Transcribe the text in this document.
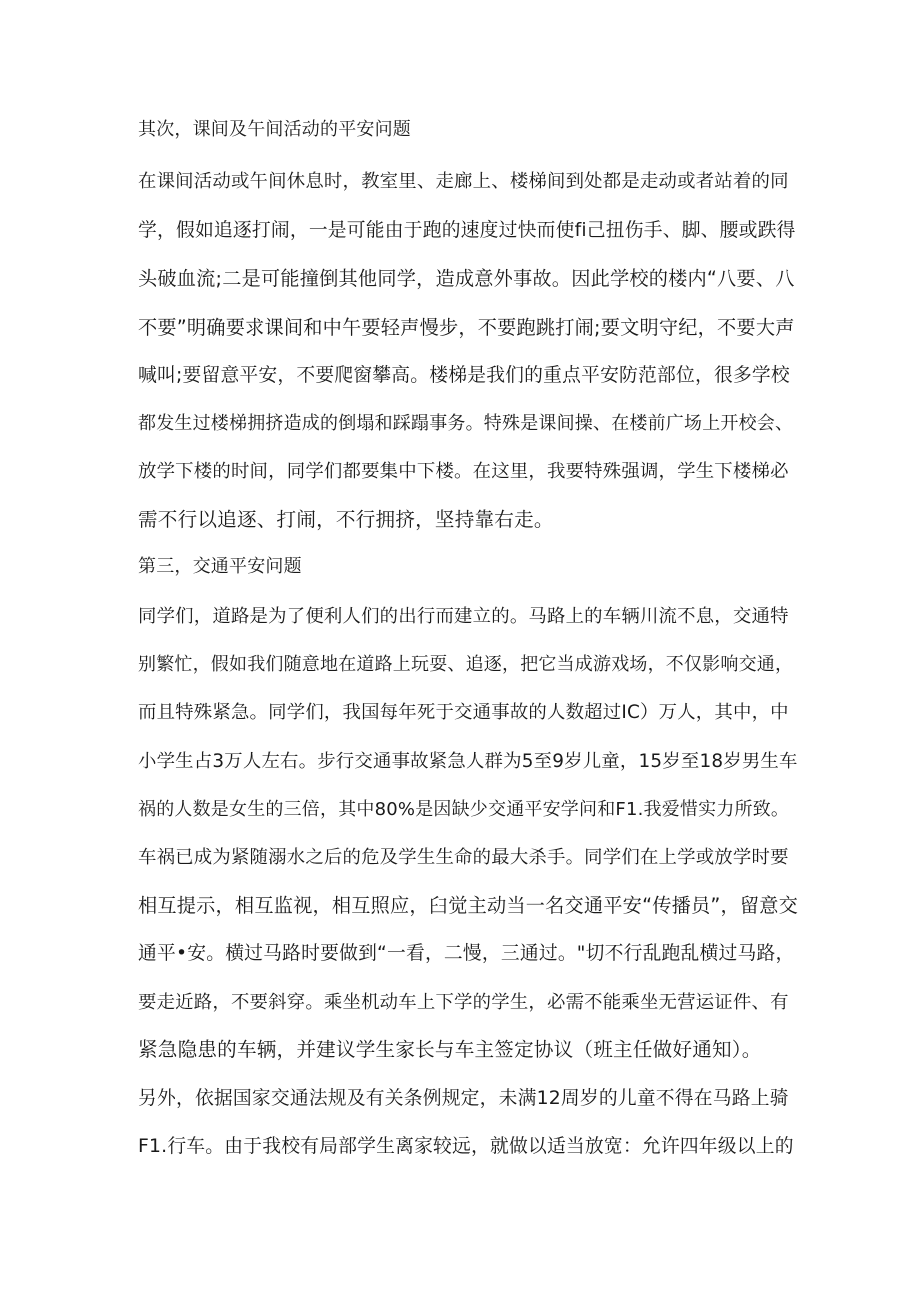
其次，课间及午间活动的平安问题
在课间活动或午间休息时，教室里、走廊上、楼梯间到处都是走动或者站着的同
学，假如追逐打闹，一是可能由于跑的速度过快而使fi己扭伤手、脚、腰或跌得
头破血流;二是可能撞倒其他同学，造成意外事故。因此学校的楼内“八要、八
不要”明确要求课间和中午要轻声慢步，不要跑跳打闹;要文明守纪，不要大声
喊叫;要留意平安，不要爬窗攀高。楼梯是我们的重点平安防范部位，很多学校
都发生过楼梯拥挤造成的倒塌和踩蹋事务。特殊是课间操、在楼前广场上开校会、
放学下楼的时间，同学们都要集中下楼。在这里，我要特殊强调，学生下楼梯必
需不行以追逐、打闹，不行拥挤，坚持靠右走。
第三，交通平安问题
同学们，道路是为了便利人们的出行而建立的。马路上的车辆川流不息，交通特
别繁忙，假如我们随意地在道路上玩耍、追逐，把它当成游戏场，不仅影响交通，
而且特殊紧急。同学们，我国每年死于交通事故的人数超过IC）万人，其中，中
小学生占3万人左右。步行交通事故紧急人群为5至9岁儿童，15岁至18岁男生车
祸的人数是女生的三倍，其中80%是因缺少交通平安学问和F1.我爱惜实力所致。
车祸已成为紧随溺水之后的危及学生生命的最大杀手。同学们在上学或放学时要
相互提示，相互监视，相互照应，臼觉主动当一名交通平安“传播员”，留意交
通平•安。横过马路时要做到“一看，二慢，三通过。"切不行乱跑乱横过马路，
要走近路，不要斜穿。乘坐机动车上下学的学生，必需不能乘坐无营运证件、有
紧急隐患的车辆，并建议学生家长与车主签定协议（班主任做好通知）。
另外，依据国家交通法规及有关条例规定，未满12周岁的儿童不得在马路上骑
F1.行车。由于我校有局部学生离家较远，就做以适当放宽：允许四年级以上的
